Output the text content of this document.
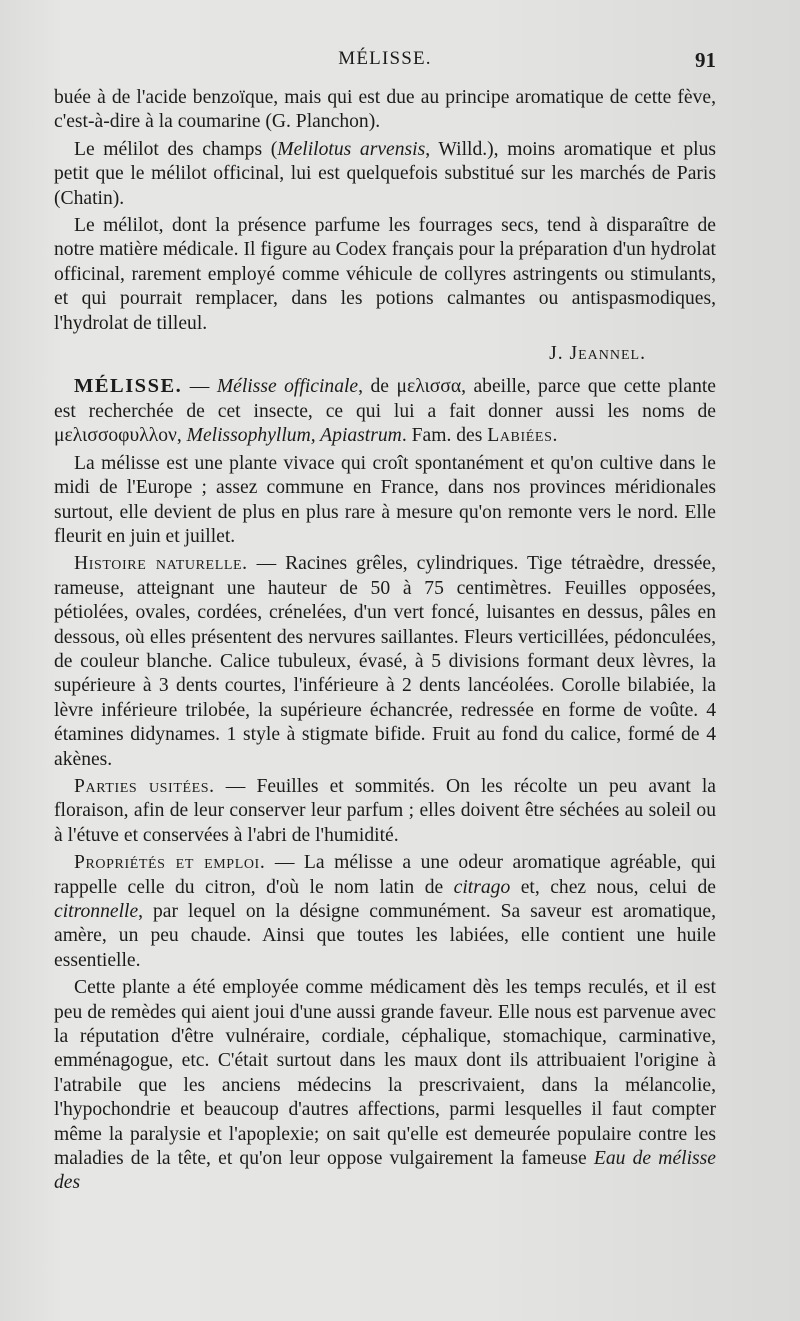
MÉLISSE.	91

buée à de l'acide benzoïque, mais qui est due au principe aromatique de cette fève, c'est-à-dire à la coumarine (G. Planchon).

Le mélilot des champs (Melilotus arvensis, Willd.), moins aromatique et plus petit que le mélilot officinal, lui est quelquefois substitué sur les marchés de Paris (Chatin).

Le mélilot, dont la présence parfume les fourrages secs, tend à disparaître de notre matière médicale. Il figure au Codex français pour la préparation d'un hydrolat officinal, rarement employé comme véhicule de collyres astringents ou stimulants, et qui pourrait remplacer, dans les potions calmantes ou antispasmodiques, l'hydrolat de tilleul.

J. Jeannel.

MÉLISSE. — Mélisse officinale, de μελισσα, abeille, parce que cette plante est recherchée de cet insecte, ce qui lui a fait donner aussi les noms de μελισσοφυλλον, Melissophyllum, Apiastrum. Fam. des Labiées.

La mélisse est une plante vivace qui croît spontanément et qu'on cultive dans le midi de l'Europe ; assez commune en France, dans nos provinces méridionales surtout, elle devient de plus en plus rare à mesure qu'on remonte vers le nord. Elle fleurit en juin et juillet.

Histoire naturelle. — Racines grêles, cylindriques. Tige tétraèdre, dressée, rameuse, atteignant une hauteur de 50 à 75 centimètres. Feuilles opposées, pétiolées, ovales, cordées, crénelées, d'un vert foncé, luisantes en dessus, pâles en dessous, où elles présentent des nervures saillantes. Fleurs verticillées, pédonculées, de couleur blanche. Calice tubuleux, évasé, à 5 divisions formant deux lèvres, la supérieure à 3 dents courtes, l'inférieure à 2 dents lancéolées. Corolle bilabiée, la lèvre inférieure trilobée, la supérieure échancrée, redressée en forme de voûte. 4 étamines didynames. 1 style à stigmate bifide. Fruit au fond du calice, formé de 4 akènes.

Parties usitées. — Feuilles et sommités. On les récolte un peu avant la floraison, afin de leur conserver leur parfum ; elles doivent être séchées au soleil ou à l'étuve et conservées à l'abri de l'humidité.

Propriétés et emploi. — La mélisse a une odeur aromatique agréable, qui rappelle celle du citron, d'où le nom latin de citrago et, chez nous, celui de citronnelle, par lequel on la désigne communément. Sa saveur est aromatique, amère, un peu chaude. Ainsi que toutes les labiées, elle contient une huile essentielle.

Cette plante a été employée comme médicament dès les temps reculés, et il est peu de remèdes qui aient joui d'une aussi grande faveur. Elle nous est parvenue avec la réputation d'être vulnéraire, cordiale, céphalique, stomachique, carminative, emménagogue, etc. C'était surtout dans les maux dont ils attribuaient l'origine à l'atrabile que les anciens médecins la prescrivaient, dans la mélancolie, l'hypochondrie et beaucoup d'autres affections, parmi lesquelles il faut compter même la paralysie et l'apoplexie; on sait qu'elle est demeurée populaire contre les maladies de la tête, et qu'on leur oppose vulgairement la fameuse Eau de mélisse des
